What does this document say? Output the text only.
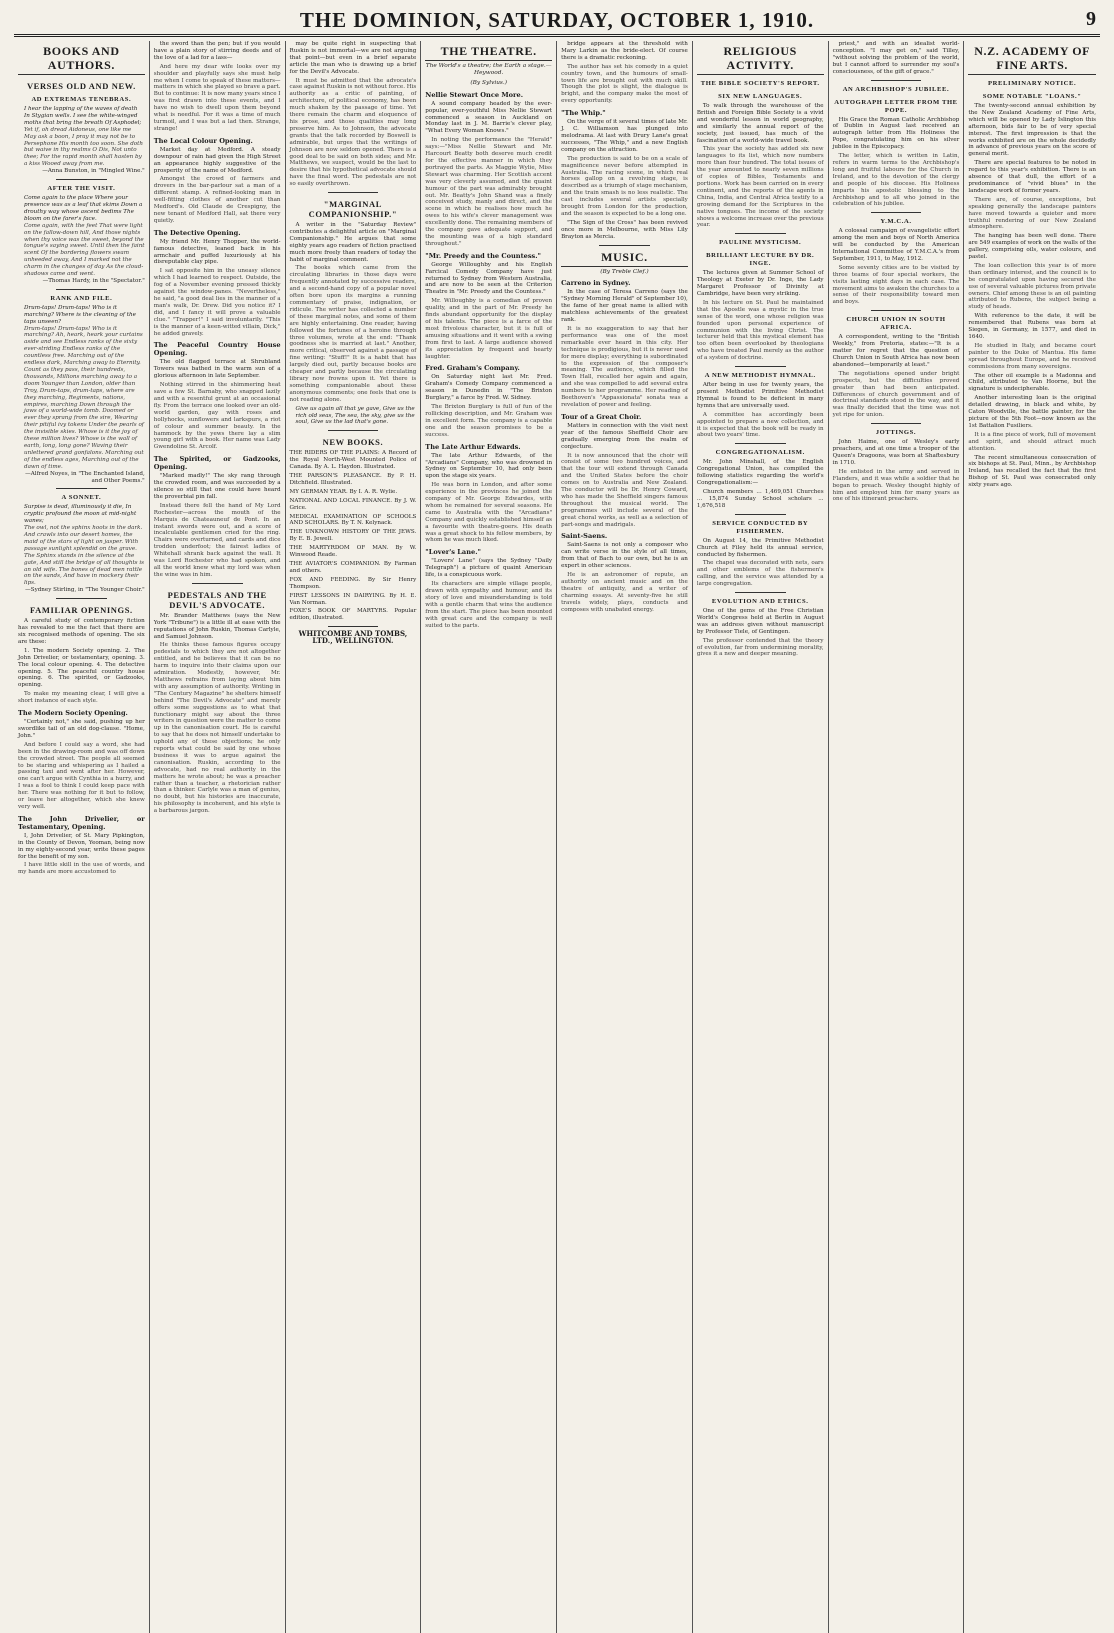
THE DOMINION, SATURDAY, OCTOBER 1, 1910.	9
BOOKS AND AUTHORS.
VERSES OLD AND NEW.
AD EXTREMAS TENEBRAS.
I hear the lapping of the waves of death In Stygian wells. I see the white-winged moths that bring the breath Of Asphodel;
Yet if, oh dread Aidoneus, one like me May ask a boon, I pray it may not be to Persephone His month too soon. She doth but waive in thy realms O Dis, Not unto thee; For the rapid month shall hasten by a kiss Wooed away from me.
—Anna Bunston, in "Mingled Wine."
AFTER THE VISIT.
Come again to the place Where your presence was as a leaf that skims Down a drouthy way whose ascent bedims The bloom on the farer's face.
Come again, with the feet That were light on the fallow-down hill, And those nights when thy voice was the sweet, beyond the tongue's saying sweet. Until then the faint scent Of the bordering flowers swam unheeded away, And I marked not the charm in the changes of day As the cloud-shadows came and went.
—Thomas Hardy, in the "Spectator."
RANK AND FILE.
Drum-taps! Drum-taps! Who is it marching? Where is the cleaning of the taps unseen?
Drum-taps! Drum-taps! Who is it marching? Ah, heark, heark your curtains aside and see Endless ranks of the sixty ever-striding Endless ranks of the countless free. Marching out of the endless dark, Marching away to Eternity. Count as they pass, their hundreds, thousands, Millions marching away to a doom Younger than London, older than Troy, Drum-taps, drum-taps, where are they marching, Regiments, nations, empires, marching Down through the jaws of a world-wide tomb. Doomed or ever they sprang from the sire, Wearing their pitiful ivy tokens Under the pearls of the invisible skies. Whose is it the joy of these million lives? Whose is the wall of earth, long, long gone? Waving their unlettered grand gonfalons. Marching out of the endless ages, Marching out of the dawn of time.
—Alfred Noyes, in "The Enchanted Island, and Other Poems."
A SONNET.
Surpise is dead, illuminously it die, In cryptic profound the moon at mid-night wanes;
The owl, not the sphinx hoots in the dark. And crawls into our desert homes, the maid of the stars of light on jasper. With passage sunlight splendid on the grave. The Sphinx stands in the silence at the gate, And still the bridge of all thoughts is an old wife. The bones of dead men rattle on the sands, And have in mockery their lips.
—Sydney Stirling, in "The Younger Choir."
FAMILIAR OPENINGS.

A careful study of contemporary fiction has revealed to me the fact that there are six recognised methods of opening. The six are these:

1. The modern Society opening. 2. The John Drivelier, or testamentary, opening. 3. The local colour opening. 4. The detective opening. 5. The peaceful country house opening. 6. The spirited, or Gadzooks, opening.

To make my meaning clear, I will give a short instance of each style.

The Modern Society Opening.

"Certainly not," she said, pushing up her swordlike tail of an old dog-clause. "Home, John."

And before I could say a word, she had been in the drawing-room and was off down the crowded street. The people all seemed to be staring and whispering as I hailed a passing taxi and went after her. However, one can't argue with Cynthia in a hurry, and I was a fool to think I could keep pace with her. There was nothing for it but to follow, or leave her altogether, which she knew very well.

The John Drivelier, or Testamentary, Opening.

I, John Drivelier, of St. Mary Pipkington, in the County of Devon, Yeoman, being now in my eighty-second year, write these pages for the benefit of my son.

I have little skill in the use of words, and my hands are more accustomed to

the sword than the pen; but if you would have a plain story of stirring deeds and of the love of a lad for a lass—

And here my dear wife looks over my shoulder and playfully says she must help me when I come to speak of these matters—matters in which she played so brave a part. But to continue: It is now many years since I was first drawn into these events, and I have no wish to dwell upon them beyond what is needful. For it was a time of much turmoil, and I was but a lad then. Strange, strange!

The Local Colour Opening.

Market day at Medford. A steady downpour of rain had given the High Street an appearance highly suggestive of the prosperity of the name of Medford.

Amongst the crowd of farmers and drovers in the bar-parlour sat a man of a different stamp. A refined-looking man in well-fitting clothes of another cut than Medford's. Old Claude de Crespigny, the new tenant of Medford Hall, sat there very quietly.

The Detective Opening.

My friend Mr. Henry Thopper, the world-famous detective, leaned back in his armchair and puffed luxuriously at his disreputable clay pipe.

I sat opposite him in the uneasy silence which I had learned to respect. Outside, the fog of a November evening pressed thickly against the window-panes. "Nevertheless," he said, "a good deal lies in the manner of a man's walk, Dr. Drew. Did you notice it? I did, and I fancy it will prove a valuable clue." "Trapper!" I said involuntarily. "This is the manner of a keen-witted villain, Dick," he added gravely.

The Peaceful Country House Opening.

The old flagged terrace at Shrubland Towers was bathed in the warm sun of a glorious afternoon in late September.

Nothing stirred in the shimmering heat save a few St. Barnaby, who snapped lazily and with a resentful grunt at an occasional fly. From the terrace one looked over an old-world garden, gay with roses and hollyhocks, sunflowers and larkspurs, a riot of colour and summer beauty. In the hammock by the yews there lay a slim young girl with a book. Her name was Lady Gwendoline St. Arcolf.

The Spirited, or Gadzooks, Opening.

"Marked madly!" The sky rang through the crowded room, and was succeeded by a silence so still that one could have heard the proverbial pin fall.

Instead there fell the hand of My Lord Rochester—across the mouth of the Marquis de Chateauneuf de Pont. In an instant swords were out, and a score of incalculable gentlemen cried for the ring. Chairs were overturned, and cards and dice trodden underfoot; the fairest ladies of Whitehall shrank back against the wall. It was Lord Rochester who had spoken, and all the world knew what my lord was when the wine was in him.

PEDESTALS AND THE DEVIL'S ADVOCATE.

Mr. Brander Matthews (says the New York "Tribune") is a little ill at ease with the reputations of John Ruskin, Thomas Carlyle, and Samuel Johnson.

He thinks these famous figures occupy pedestals to which they are not altogether entitled, and he believes that it can be no harm to inquire into their claims upon our admiration. Modestly, however, Mr. Matthews refrains from laying about him with any assumption of authority. Writing in "The Century Magazine" he shelters himself behind "The Devil's Advocate" and merely offers some suggestions as to what that functionary might say about the three writers in question were the matter to come up in the canonisation court. He is careful to say that he does not himself undertake to uphold any of these objections; he only reports what could be said by one whose business it was to argue against the canonisation. Ruskin, according to the advocate, had no real authority in the matters he wrote about; he was a preacher rather than a teacher, a rhetorician rather than a thinker. Carlyle was a man of genius, no doubt, but his histories are inaccurate, his philosophy is incoherent, and his style is a barbarous jargon.

may be quite right in suspecting that Ruskin is not immortal—we are not arguing that point—but even in a brief separate article the man who is drawing up a brief for the Devil's Advocate.

It must be admitted that the advocate's case against Ruskin is not without force. His authority as a critic of painting, of architecture, of political economy, has been much shaken by the passage of time. Yet there remain the charm and eloquence of his prose, and those qualities may long preserve him. As to Johnson, the advocate grants that the talk recorded by Boswell is admirable, but urges that the writings of Johnson are now seldom opened. There is a good deal to be said on both sides; and Mr. Matthews, we suspect, would be the last to desire that his hypothetical advocate should have the final word. The pedestals are not so easily overthrown.

"MARGINAL COMPANIONSHIP."

A writer in the "Saturday Review" contributes a delightful article on "Marginal Companionship." He argues that some eighty years ago readers of fiction practised much more freely than readers of today the habit of marginal comment.

The books which came from the circulating libraries in those days were frequently annotated by successive readers, and a second-hand copy of a popular novel often bore upon its margins a running commentary of praise, indignation, or ridicule. The writer has collected a number of these marginal notes, and some of them are highly entertaining. One reader, having followed the fortunes of a heroine through three volumes, wrote at the end: "Thank goodness she is married at last." Another, more critical, observed against a passage of fine writing: "Stuff!" It is a habit that has largely died out, partly because books are cheaper and partly because the circulating library now frowns upon it. Yet there is something companionable about these anonymous comments; one feels that one is not reading alone.

Give us again all that ye gave, Give us the rich old seas, The sea, the sky, give us the soul, Give us the lad that's gone.
NEW BOOKS.

THE RIDERS OF THE PLAINS: A Record of the Royal North-West Mounted Police of Canada. By A. L. Haydon. Illustrated.

THE PARSON'S PLEASANCE. By P. H. Ditchfield. Illustrated.

MY GERMAN YEAR. By I. A. R. Wylie.

NATIONAL AND LOCAL FINANCE. By J. W. Grice.

MEDICAL EXAMINATION OF SCHOOLS AND SCHOLARS. By T. N. Kelynack.

THE UNKNOWN HISTORY OF THE JEWS. By E. B. Jewell.

THE MARTYRDOM OF MAN. By W. Winwood Reade.

THE AVIATOR'S COMPANION. By Farman and others.

FOX AND FEEDING. By Sir Henry Thompson.

FIRST LESSONS IN DAIRYING. By H. E. Van Norman.

FOXE'S BOOK OF MARTYRS. Popular edition, illustrated.

WHITCOMBE AND TOMBS, LTD., WELLINGTON.
THE THEATRE.
The World's a theatre; the Earth a stage.—Heywood.
(By Sylvius.)
Nellie Stewart Once More.

A sound company headed by the ever-popular, ever-youthful Miss Nellie Stewart commenced a season in Auckland on Monday last in J. M. Barrie's clever play, "What Every Woman Knows."

In noting the performance the "Herald" says:—"Miss Nellie Stewart and Mr. Harcourt Beatty both deserve much credit for the effective manner in which they portrayed the parts. As Maggie Wylie, Miss Stewart was charming. Her Scottish accent was very cleverly assumed, and the quaint humour of the part was admirably brought out. Mr. Beatty's John Shand was a finely conceived study, manly and direct, and the scene in which he realises how much he owes to his wife's clever management was excellently done. The remaining members of the company gave adequate support, and the mounting was of a high standard throughout."

"Mr. Preedy and the Countess."

George Willoughby and his English Farcical Comedy Company have just returned to Sydney from Western Australia, and are now to be seen at the Criterion Theatre in "Mr. Preedy and the Countess."

Mr. Willoughby is a comedian of proven quality, and in the part of Mr. Preedy he finds abundant opportunity for the display of his talents. The piece is a farce of the most frivolous character, but it is full of amusing situations and it went with a swing from first to last. A large audience showed its appreciation by frequent and hearty laughter.

Fred. Graham's Company.

On Saturday night last Mr. Fred. Graham's Comedy Company commenced a season in Dunedin in "The Brixton Burglary," a farce by Fred. W. Sidney.

The Brixton Burglary is full of fun of the rollicking description, and Mr. Graham was in excellent form. The company is a capable one and the season promises to be a success.

The Late Arthur Edwards.

The late Arthur Edwards, of the "Arcadians" Company, who was drowned in Sydney on September 10, had only been upon the stage six years.

He was born in London, and after some experience in the provinces he joined the company of Mr. George Edwardes, with whom he remained for several seasons. He came to Australia with the "Arcadians" Company and quickly established himself as a favourite with theatre-goers. His death was a great shock to his fellow members, by whom he was much liked.

"Lover's Lane."

"Lovers' Lane" (says the Sydney "Daily Telegraph") a picture of quaint American life, is a conspicuous work.

Its characters are simple village people, drawn with sympathy and humour, and its story of love and misunderstanding is told with a gentle charm that wins the audience from the start. The piece has been mounted with great care and the company is well suited to the parts.

bridge appears at the threshold with Mary Larkin as the bride-elect. Of course there is a dramatic reckoning.

The author has set his comedy in a quiet country town, and the humours of small-town life are brought out with much skill. Though the plot is slight, the dialogue is bright, and the company make the most of every opportunity.

"The Whip."

On the verge of it several times of late Mr. J. C. Williamson has plunged into melodrama. At last with Drury Lane's great successes, "The Whip," and a new English company on the attraction.

The production is said to be on a scale of magnificence never before attempted in Australia. The racing scene, in which real horses gallop on a revolving stage, is described as a triumph of stage mechanism, and the train smash is no less realistic. The cast includes several artists specially brought from London for the production, and the season is expected to be a long one.

"The Sign of the Cross" has been revived once more in Melbourne, with Miss Lily Brayton as Mercia.

MUSIC.
(By Treble Clef.)
Carreno in Sydney.

In the case of Teresa Carreno (says the "Sydney Morning Herald" of September 10), the fame of her great name is allied with matchless achievements of the greatest rank.

It is no exaggeration to say that her performance was one of the most remarkable ever heard in this city. Her technique is prodigious, but it is never used for mere display; everything is subordinated to the expression of the composer's meaning. The audience, which filled the Town Hall, recalled her again and again, and she was compelled to add several extra numbers to her programme. Her reading of Beethoven's "Appassionata" sonata was a revelation of power and feeling.

Tour of a Great Choir.

Matters in connection with the visit next year of the famous Sheffield Choir are gradually emerging from the realm of conjecture.

It is now announced that the choir will consist of some two hundred voices, and that the tour will extend through Canada and the United States before the choir comes on to Australia and New Zealand. The conductor will be Dr. Henry Coward, who has made the Sheffield singers famous throughout the musical world. The programmes will include several of the great choral works, as well as a selection of part-songs and madrigals.

Saint-Saens.

Saint-Saens is not only a composer who can write verse in the style of all times, from that of Bach to our own, but he is an expert in other sciences.

He is an astronomer of repute, an authority on ancient music and on the theatre of antiquity, and a writer of charming essays. At seventy-five he still travels widely, plays, conducts and composes with unabated energy.

RELIGIOUS ACTIVITY.
THE BIBLE SOCIETY'S REPORT.
SIX NEW LANGUAGES.

To walk through the warehouse of the British and Foreign Bible Society is a vivid and wonderful lesson in world geography, and similarly the annual report of the society, just issued, has much of the fascination of a world-wide travel book.

This year the society has added six new languages to its list, which now numbers more than four hundred. The total issues of the year amounted to nearly seven millions of copies of Bibles, Testaments and portions. Work has been carried on in every continent, and the reports of the agents in China, India, and Central Africa testify to a growing demand for the Scriptures in the native tongues. The income of the society shows a welcome increase over the previous year.

PAULINE MYSTICISM.
BRILLIANT LECTURE BY DR. INGE.

The lectures given at Summer School of Theology at Exeter by Dr. Inge, the Lady Margaret Professor of Divinity at Cambridge, have been very striking.

In his lecture on St. Paul he maintained that the Apostle was a mystic in the true sense of the word, one whose religion was founded upon personal experience of communion with the living Christ. The lecturer held that this mystical element has too often been overlooked by theologians who have treated Paul merely as the author of a system of doctrine.

A NEW METHODIST HYMNAL.

After being in use for twenty years, the present Methodist Primitive Methodist Hymnal is found to be deficient in many hymns that are universally used.

A committee has accordingly been appointed to prepare a new collection, and it is expected that the book will be ready in about two years' time.

CONGREGATIONALISM.

Mr. John Minshall, of the English Congregational Union, has compiled the following statistics regarding the world's Congregationalism:—

Church members ... 1,469,051 Churches ... 15,874 Sunday School scholars ... 1,676,518

SERVICE CONDUCTED BY FISHERMEN.

On August 14, the Primitive Methodist Church at Filey held its annual service, conducted by fishermen.

The chapel was decorated with nets, oars and other emblems of the fishermen's calling, and the service was attended by a large congregation.

EVOLUTION AND ETHICS.

One of the gems of the Free Christian World's Congress held at Berlin in August was an address given without manuscript by Professor Tiele, of Gentingen.

The professor contended that the theory of evolution, far from undermining morality, gives it a new and deeper meaning.

priest," and with an idealist world-conception. "I may get on," said Tilley, "without solving the problem of the world, but I cannot afford to surrender my soul's consciousness, of the gift of grace."

AN ARCHBISHOP'S JUBILEE.
AUTOGRAPH LETTER FROM THE POPE.

His Grace the Roman Catholic Archbishop of Dublin in August last received an autograph letter from His Holiness the Pope, congratulating him on his silver jubilee in the Episcopacy.

The letter, which is written in Latin, refers in warm terms to the Archbishop's long and fruitful labours for the Church in Ireland, and to the devotion of the clergy and people of his diocese. His Holiness imparts his apostolic blessing to the Archbishop and to all who joined in the celebration of his jubilee.

Y.M.C.A.

A colossal campaign of evangelistic effort among the men and boys of North America will be conducted by the American International Committee of Y.M.C.A.'s from September, 1911, to May, 1912.

Some seventy cities are to be visited by three teams of four special workers, the visits lasting eight days in each case. The movement aims to awaken the churches to a sense of their responsibility toward men and boys.

CHURCH UNION IN SOUTH AFRICA.

A correspondent, writing to the "British Weekly," from Pretoria, states:—"It is a matter for regret that the question of Church Union in South Africa has now been abandoned—temporarily at least."

The negotiations opened under bright prospects, but the difficulties proved greater than had been anticipated. Differences of church government and of doctrinal standards stood in the way, and it was finally decided that the time was not yet ripe for union.

JOTTINGS.

John Haime, one of Wesley's early preachers, and at one time a trooper of the Queen's Dragoons, was born at Shaftesbury in 1710.

He enlisted in the army and served in Flanders, and it was while a soldier that he began to preach. Wesley thought highly of him and employed him for many years as one of his itinerant preachers.

N.Z. ACADEMY OF FINE ARTS.
PRELIMINARY NOTICE.
SOME NOTABLE "LOANS."

The twenty-second annual exhibition by the New Zealand Academy of Fine Arts, which will be opened by Lady Islington this afternoon, bids fair to be of very special interest. The first impression is that the works exhibited are on the whole decidedly in advance of previous years on the score of general merit.

There are special features to be noted in regard to this year's exhibition. There is an absence of that dull, the effort of a predominance of "vivid blues" in the landscape work of former years.

There are, of course, exceptions, but speaking generally the landscape painters have moved towards a quieter and more truthful rendering of our New Zealand atmosphere.

The hanging has been well done. There are 549 examples of work on the walls of the gallery, comprising oils, water colours, and pastel.

The loan collection this year is of more than ordinary interest, and the council is to be congratulated upon having secured the use of several valuable pictures from private owners. Chief among these is an oil painting attributed to Rubens, the subject being a study of heads.

With reference to the date, it will be remembered that Rubens was born at Siegen, in Germany, in 1577, and died in 1640.

He studied in Italy, and became court painter to the Duke of Mantua. His fame spread throughout Europe, and he received commissions from many sovereigns.

The other oil example is a Madonna and Child, attributed to Van Hoorne, but the signature is undecipherable.

Another interesting loan is the original detailed drawing, in black and white, by Caton Woodville, the battle painter, for the picture of the 5th Foot—now known as the 1st Battalion Fusiliers.

It is a fine piece of work, full of movement and spirit, and should attract much attention.

The recent simultaneous consecration of six bishops at St. Paul, Minn., by Archbishop Ireland, has recalled the fact that the first Bishop of St. Paul was consecrated only sixty years ago.
